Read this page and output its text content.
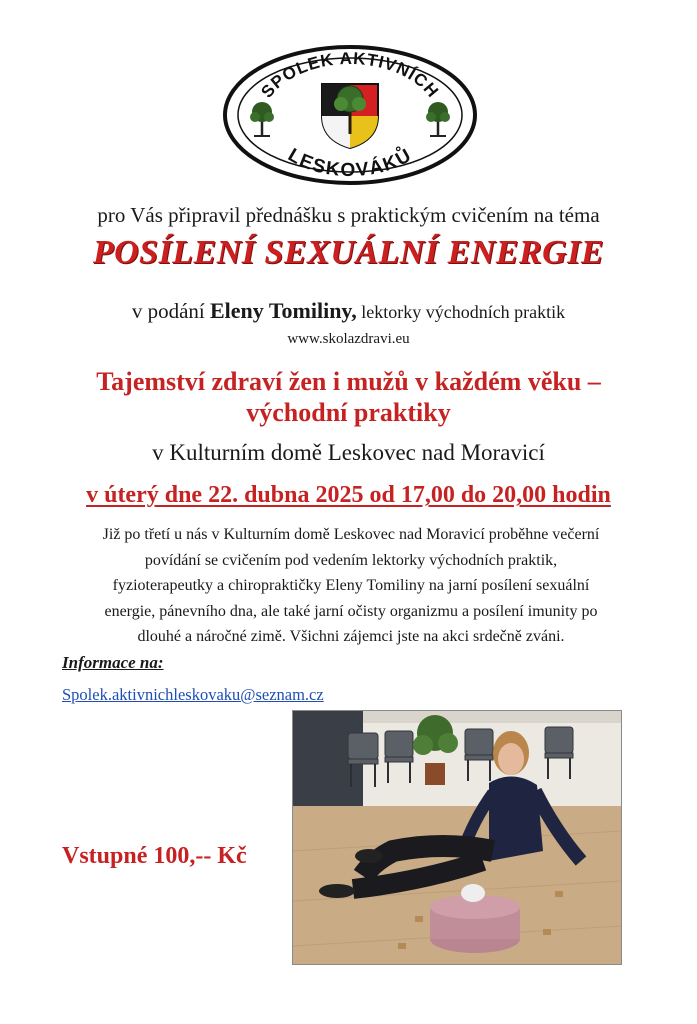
SPOLEK AKTIVNÍCH
LESKOVÁKŮ
pro Vás připravil přednášku s praktickým cvičením na téma
POSÍLENÍ SEXUÁLNÍ ENERGIE
v podání Eleny Tomiliny, lektorky východních praktik
www.skolazdravi.eu
Tajemství zdraví žen i mužů v každém věku –
východní praktiky
v Kulturním domě Leskovec nad Moravicí
v úterý dne 22. dubna 2025 od 17,00 do 20,00 hodin
Již po třetí u nás v Kulturním domě Leskovec nad Moravicí proběhne večerní
povídání se cvičením pod vedením lektorky východních praktik,
fyzioterapeutky a chiropraktičky Eleny Tomiliny na jarní posílení sexuální
energie, pánevního dna, ale také jarní očisty organizmu a posílení imunity po
dlouhé a náročné zimě. Všichni zájemci jste na akci srdečně zváni.
Informace na:
Spolek.aktivnichleskovaku@seznam.cz
Vstupné 100,-- Kč
